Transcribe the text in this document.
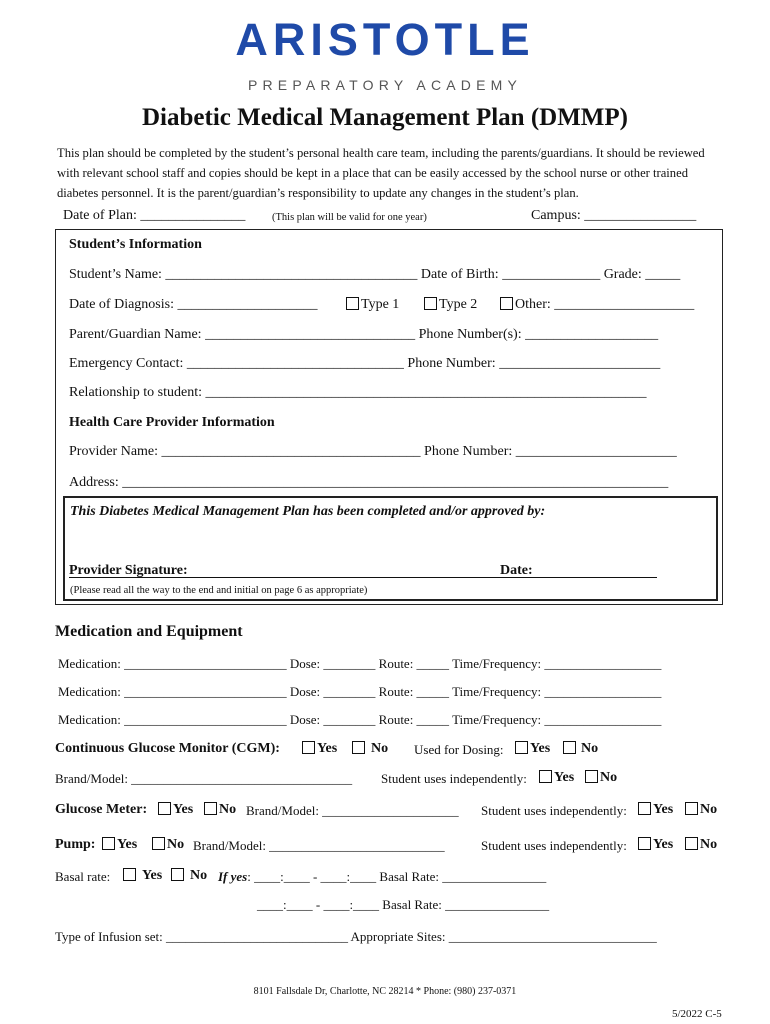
ARISTOTLE
PREPARATORY ACADEMY
Diabetic Medical Management Plan (DMMP)
This plan should be completed by the student’s personal health care team, including the parents/guardians. It should be reviewed with relevant school staff and copies should be kept in a place that can be easily accessed by the school nurse or other trained diabetes personnel. It is the parent/guardian’s responsibility to update any changes in the student’s plan.
Date of Plan: _______________	(This plan will be valid for one year)	Campus: ________________
Student’s Information
Student’s Name: ____________________________________ Date of Birth: ______________ Grade: _____
Date of Diagnosis: ____________________	Type 1	Type 2	Other: ____________________
Parent/Guardian Name: ______________________________ Phone Number(s): ___________________
Emergency Contact: _______________________________ Phone Number: _______________________
Relationship to student: _______________________________________________________________
Health Care Provider Information
Provider Name: _____________________________________ Phone Number: _______________________
Address: ______________________________________________________________________________
This Diabetes Medical Management Plan has been completed and/or approved by:
Provider Signature:	Date:
(Please read all the way to the end and initial on page 6 as appropriate)
Medication and Equipment
Medication: _________________________ Dose: ________ Route: _____ Time/Frequency: __________________
Medication: _________________________ Dose: ________ Route: _____ Time/Frequency: __________________
Medication: _________________________ Dose: ________ Route: _____ Time/Frequency: __________________
Continuous Glucose Monitor (CGM):	Yes	No Used for Dosing:	Yes	No
Brand/Model: __________________________________ Student uses independently:	Yes	No
Glucose Meter:	Yes	No Brand/Model: _____________________ Student uses independently:	Yes	No
Pump:	Yes	No Brand/Model: ___________________________	Student uses independently:	Yes	No
Basal rate:	Yes	No If yes: ____:____ - ____:____ Basal Rate: ________________
____:____ - ____:____ Basal Rate: ________________
Type of Infusion set: ____________________________ Appropriate Sites: ________________________________
8101 Fallsdale Dr, Charlotte, NC 28214 * Phone: (980) 237-0371
5/2022 C-5
